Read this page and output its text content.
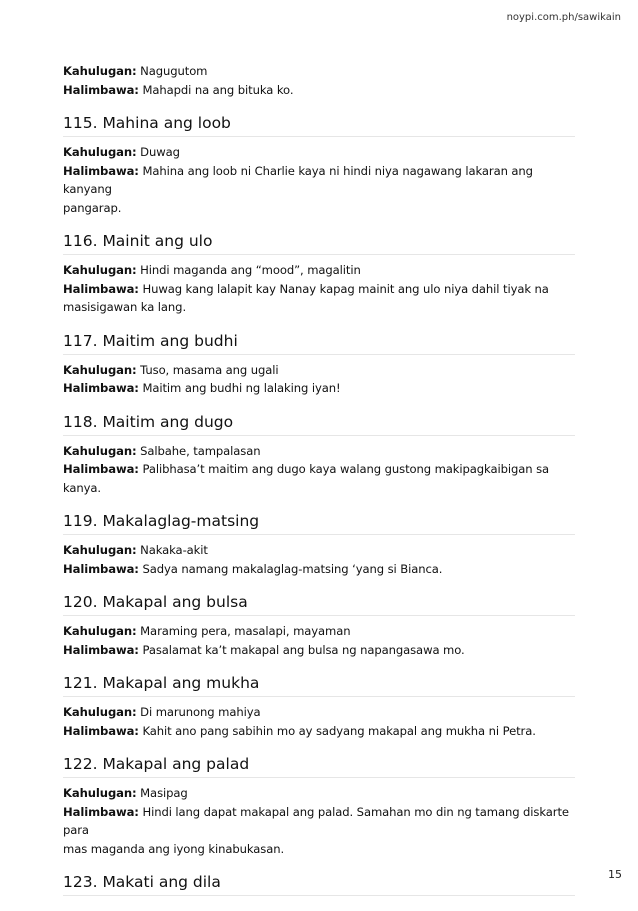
noypi.com.ph/sawikain

Kahulugan: Nagugutom

Halimbawa: Mahapdi na ang bituka ko.

115. Mahina ang loob

Kahulugan: Duwag

Halimbawa: Mahina ang loob ni Charlie kaya ni hindi niya nagawang lakaran ang kanyang

pangarap.

116. Mainit ang ulo

Kahulugan: Hindi maganda ang “mood”, magalitin

Halimbawa: Huwag kang lalapit kay Nanay kapag mainit ang ulo niya dahil tiyak na

masisigawan ka lang.

117. Maitim ang budhi

Kahulugan: Tuso, masama ang ugali

Halimbawa: Maitim ang budhi ng lalaking iyan!

118. Maitim ang dugo

Kahulugan: Salbahe, tampalasan

Halimbawa: Palibhasa’t maitim ang dugo kaya walang gustong makipagkaibigan sa kanya.

119. Makalaglag-matsing

Kahulugan: Nakaka-akit

Halimbawa: Sadya namang makalaglag-matsing ‘yang si Bianca.

120. Makapal ang bulsa

Kahulugan: Maraming pera, masalapi, mayaman

Halimbawa: Pasalamat ka’t makapal ang bulsa ng napangasawa mo.

121. Makapal ang mukha

Kahulugan: Di marunong mahiya

Halimbawa: Kahit ano pang sabihin mo ay sadyang makapal ang mukha ni Petra.

122. Makapal ang palad

Kahulugan: Masipag

Halimbawa: Hindi lang dapat makapal ang palad. Samahan mo din ng tamang diskarte para

mas maganda ang iyong kinabukasan.

123. Makati ang dila	15
